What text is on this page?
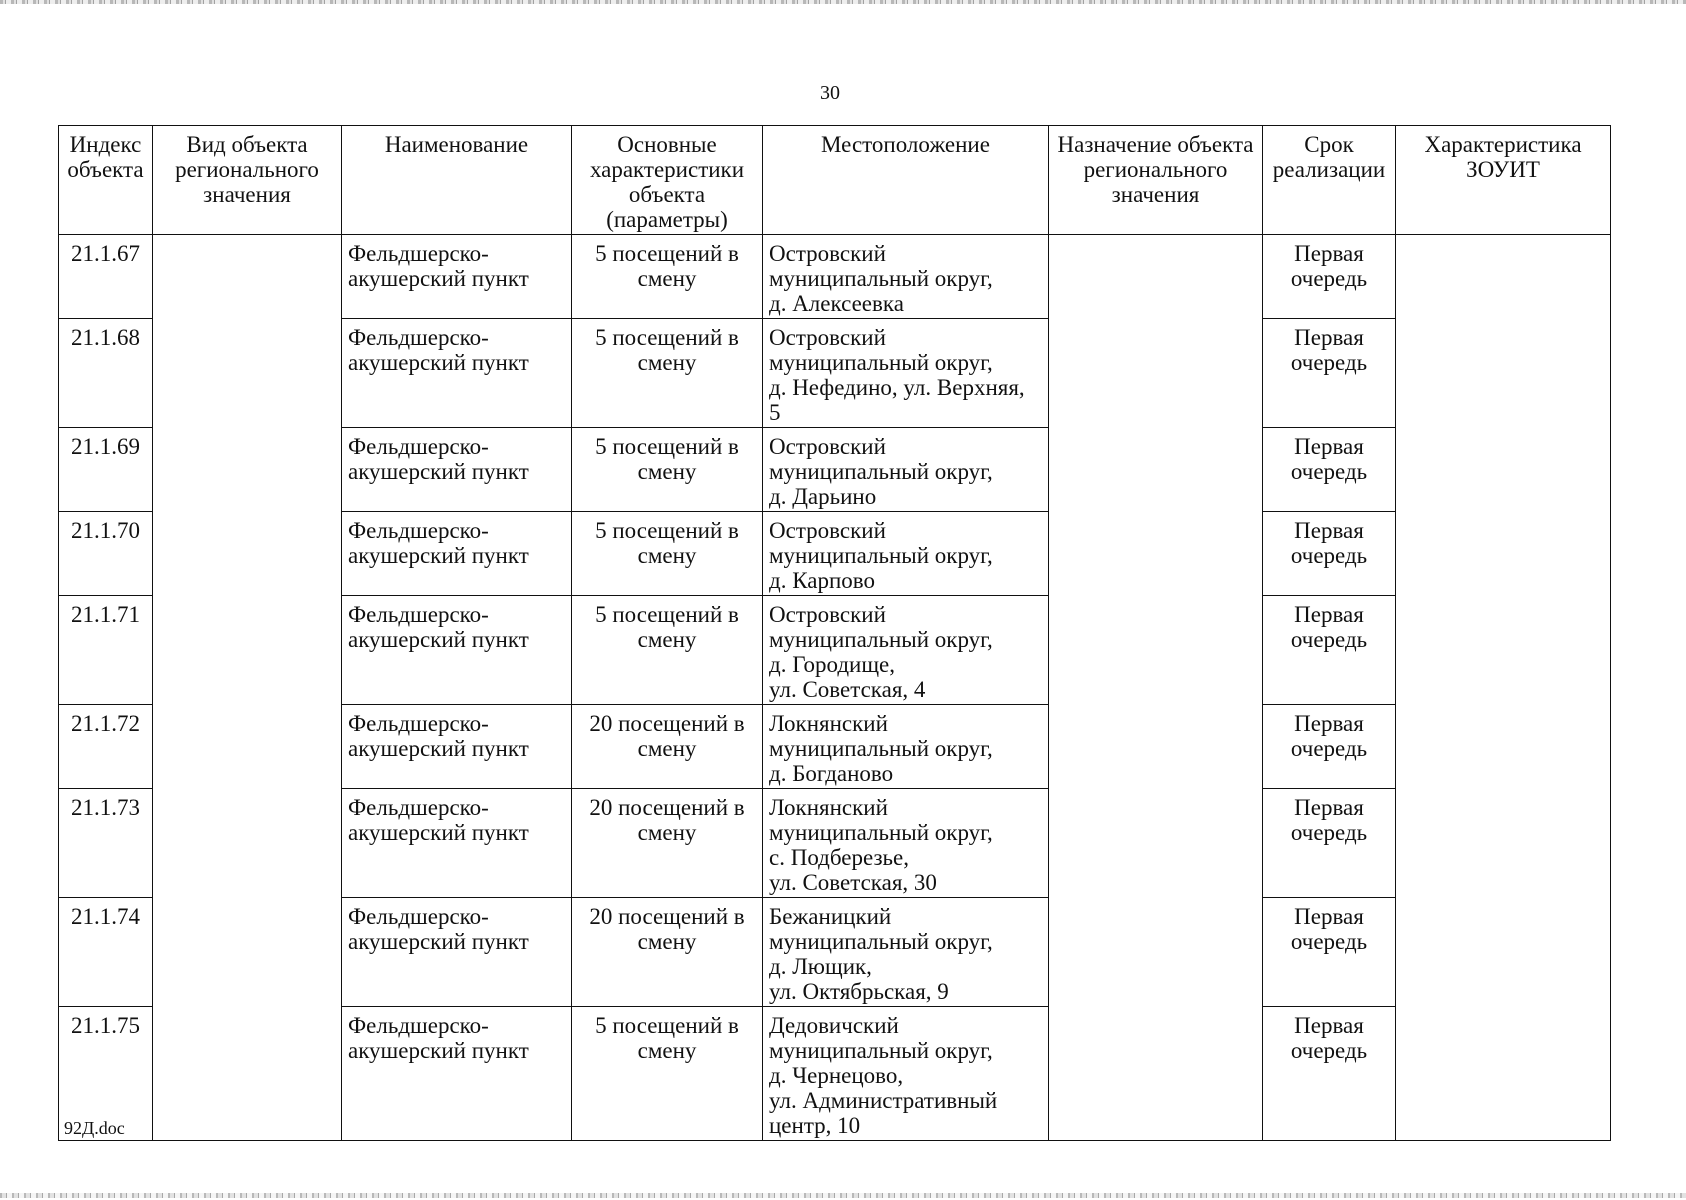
30
Индекс объекта	Вид объекта регионального значения	Наименование	Основные характеристики объекта (параметры)	Местоположение	Назначение объекта регионального значения	Срок реализации	Характеристика ЗОУИТ
21.1.67		Фельдшерско-акушерский пункт	5 посещений в смену	Островский
муниципальный округ,
д. Алексеевка		Первая очередь	
21.1.68		Фельдшерско-акушерский пункт	5 посещений в смену	Островский
муниципальный округ,
д. Нефедино, ул. Верхняя,
5		Первая очередь	
21.1.69		Фельдшерско-акушерский пункт	5 посещений в смену	Островский
муниципальный округ,
д. Дарьино		Первая очередь	
21.1.70		Фельдшерско-акушерский пункт	5 посещений в смену	Островский
муниципальный округ,
д. Карпово		Первая очередь	
21.1.71		Фельдшерско-акушерский пункт	5 посещений в смену	Островский
муниципальный округ,
д. Городище,
ул. Советская, 4		Первая очередь	
21.1.72		Фельдшерско-акушерский пункт	20 посещений в смену	Локнянский
муниципальный округ,
д. Богданово		Первая очередь	
21.1.73		Фельдшерско-акушерский пункт	20 посещений в смену	Локнянский
муниципальный округ,
с. Подберезье,
ул. Советская, 30		Первая очередь	
21.1.74		Фельдшерско-акушерский пункт	20 посещений в смену	Бежаницкий
муниципальный округ,
д. Лющик,
ул. Октябрьская, 9		Первая очередь	
21.1.75		Фельдшерско-акушерский пункт	5 посещений в смену	Дедовичский
муниципальный округ,
д. Чернецово,
ул. Административный
центр, 10		Первая очередь	
92Д.doc
